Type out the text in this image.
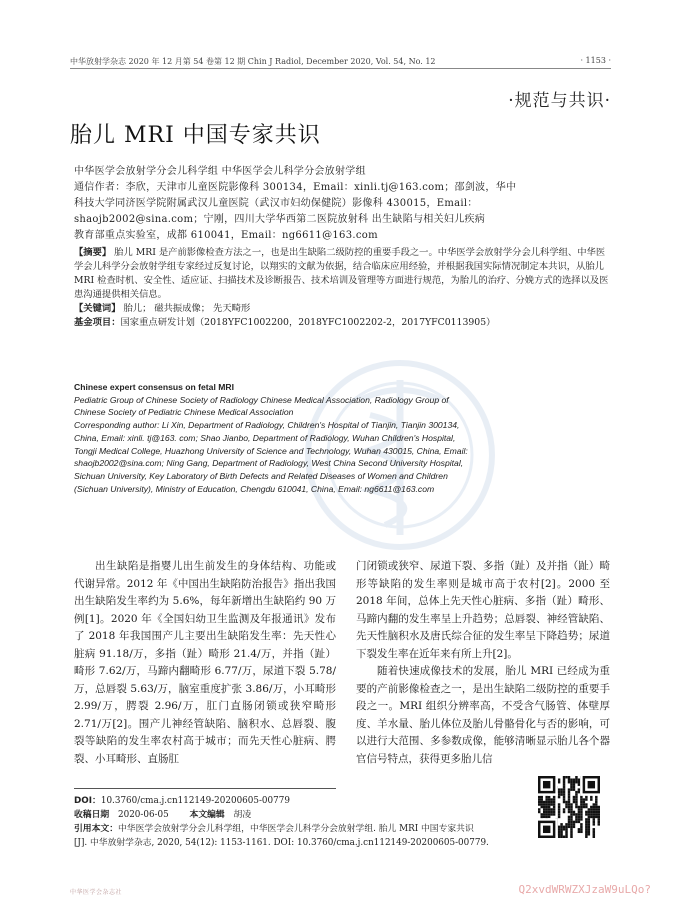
中华放射学杂志 2020 年 12 月第 54 卷第 12 期 Chin J Radiol, December 2020, Vol. 54, No. 12	· 1153 ·
·规范与共识·
胎儿 MRI 中国专家共识

中华医学会放射学分会儿科学组 中华医学会儿科学分会放射学组

通信作者：李欣，天津市儿童医院影像科 300134，Email：xinli.tj@163.com；邵剑波，华中

科技大学同济医学院附属武汉儿童医院（武汉市妇幼保健院）影像科 430015，Email：

shaojb2002@sina.com；宁刚，四川大学华西第二医院放射科 出生缺陷与相关妇儿疾病

教育部重点实验室，成都 610041，Email：ng6611@163.com

【摘要】 胎儿 MRI 是产前影像检查方法之一，也是出生缺陷二级防控的重要手段之一。中华医学会放射学分会儿科学组、中华医学会儿科学分会放射学组专家经过反复讨论，以翔实的文献为依据，结合临床应用经验，并根据我国实际情况制定本共识，从胎儿 MRI 检查时机、安全性、适应证、扫描技术及诊断报告、技术培训及管理等方面进行规范，为胎儿的治疗、分娩方式的选择以及医患沟通提供相关信息。

【关键词】 胎儿； 磁共振成像； 先天畸形

基金项目：国家重点研发计划（2018YFC1002200，2018YFC1002202-2，2017YFC0113905）

Chinese expert consensus on fetal MRI

Pediatric Group of Chinese Society of Radiology Chinese Medical Association, Radiology Group of

Chinese Society of Pediatric Chinese Medical Association

Corresponding author: Li Xin, Department of Radiology, Children's Hospital of Tianjin, Tianjin 300134,

China, Email: xinli. tj@163. com; Shao Jianbo, Department of Radiology, Wuhan Children's Hospital,

Tongji Medical College, Huazhong University of Science and Technology, Wuhan 430015, China, Email:

shaojb2002@sina.com; Ning Gang, Department of Radiology, West China Second University Hospital,

Sichuan University, Key Laboratory of Birth Defects and Related Diseases of Women and Children

(Sichuan University), Ministry of Education, Chengdu 610041, China, Email: ng6611@163.com

出生缺陷是指婴儿出生前发生的身体结构、功能或代谢异常。2012 年《中国出生缺陷防治报告》指出我国出生缺陷发生率约为 5.6%，每年新增出生缺陷约 90 万例[1]。2020 年《全国妇幼卫生监测及年报通讯》发布了 2018 年我国围产儿主要出生缺陷发生率：先天性心脏病 91.18/万，多指（趾）畸形 21.4/万，并指（趾）畸形 7.62/万，马蹄内翻畸形 6.77/万，尿道下裂 5.78/万，总唇裂 5.63/万，脑室重度扩张 3.86/万，小耳畸形 2.99/万，腭裂 2.96/万，肛门直肠闭锁或狭窄畸形 2.71/万[2]。围产儿神经管缺陷、脑积水、总唇裂、腹裂等缺陷的发生率农村高于城市；而先天性心脏病、腭裂、小耳畸形、直肠肛

门闭锁或狭窄、尿道下裂、多指（趾）及并指（趾）畸形等缺陷的发生率则是城市高于农村[2]。2000 至 2018 年间，总体上先天性心脏病、多指（趾）畸形、马蹄内翻的发生率呈上升趋势；总唇裂、神经管缺陷、先天性脑积水及唐氏综合征的发生率呈下降趋势；尿道下裂发生率在近年来有所上升[2]。

随着快速成像技术的发展，胎儿 MRI 已经成为重要的产前影像检查之一，是出生缺陷二级防控的重要手段之一。MRI 组织分辨率高，不受含气肠管、体壁厚度、羊水量、胎儿体位及胎儿骨骼骨化与否的影响，可以进行大范围、多参数成像，能够清晰显示胎儿各个器官信号特点，获得更多胎儿信

DOI：10.3760/cma.j.cn112149-20200605-00779

收稿日期 2020-06-05 本文编辑 胡凌

引用本文：中华医学会放射学分会儿科学组，中华医学会儿科学分会放射学组. 胎儿 MRI 中国专家共识

[J]. 中华放射学杂志, 2020, 54(12): 1153-1161. DOI: 10.3760/cma.j.cn112149-20200605-00779.

中华医学会杂志社	Q2xvdWRWZXJzaW9uLQo?
